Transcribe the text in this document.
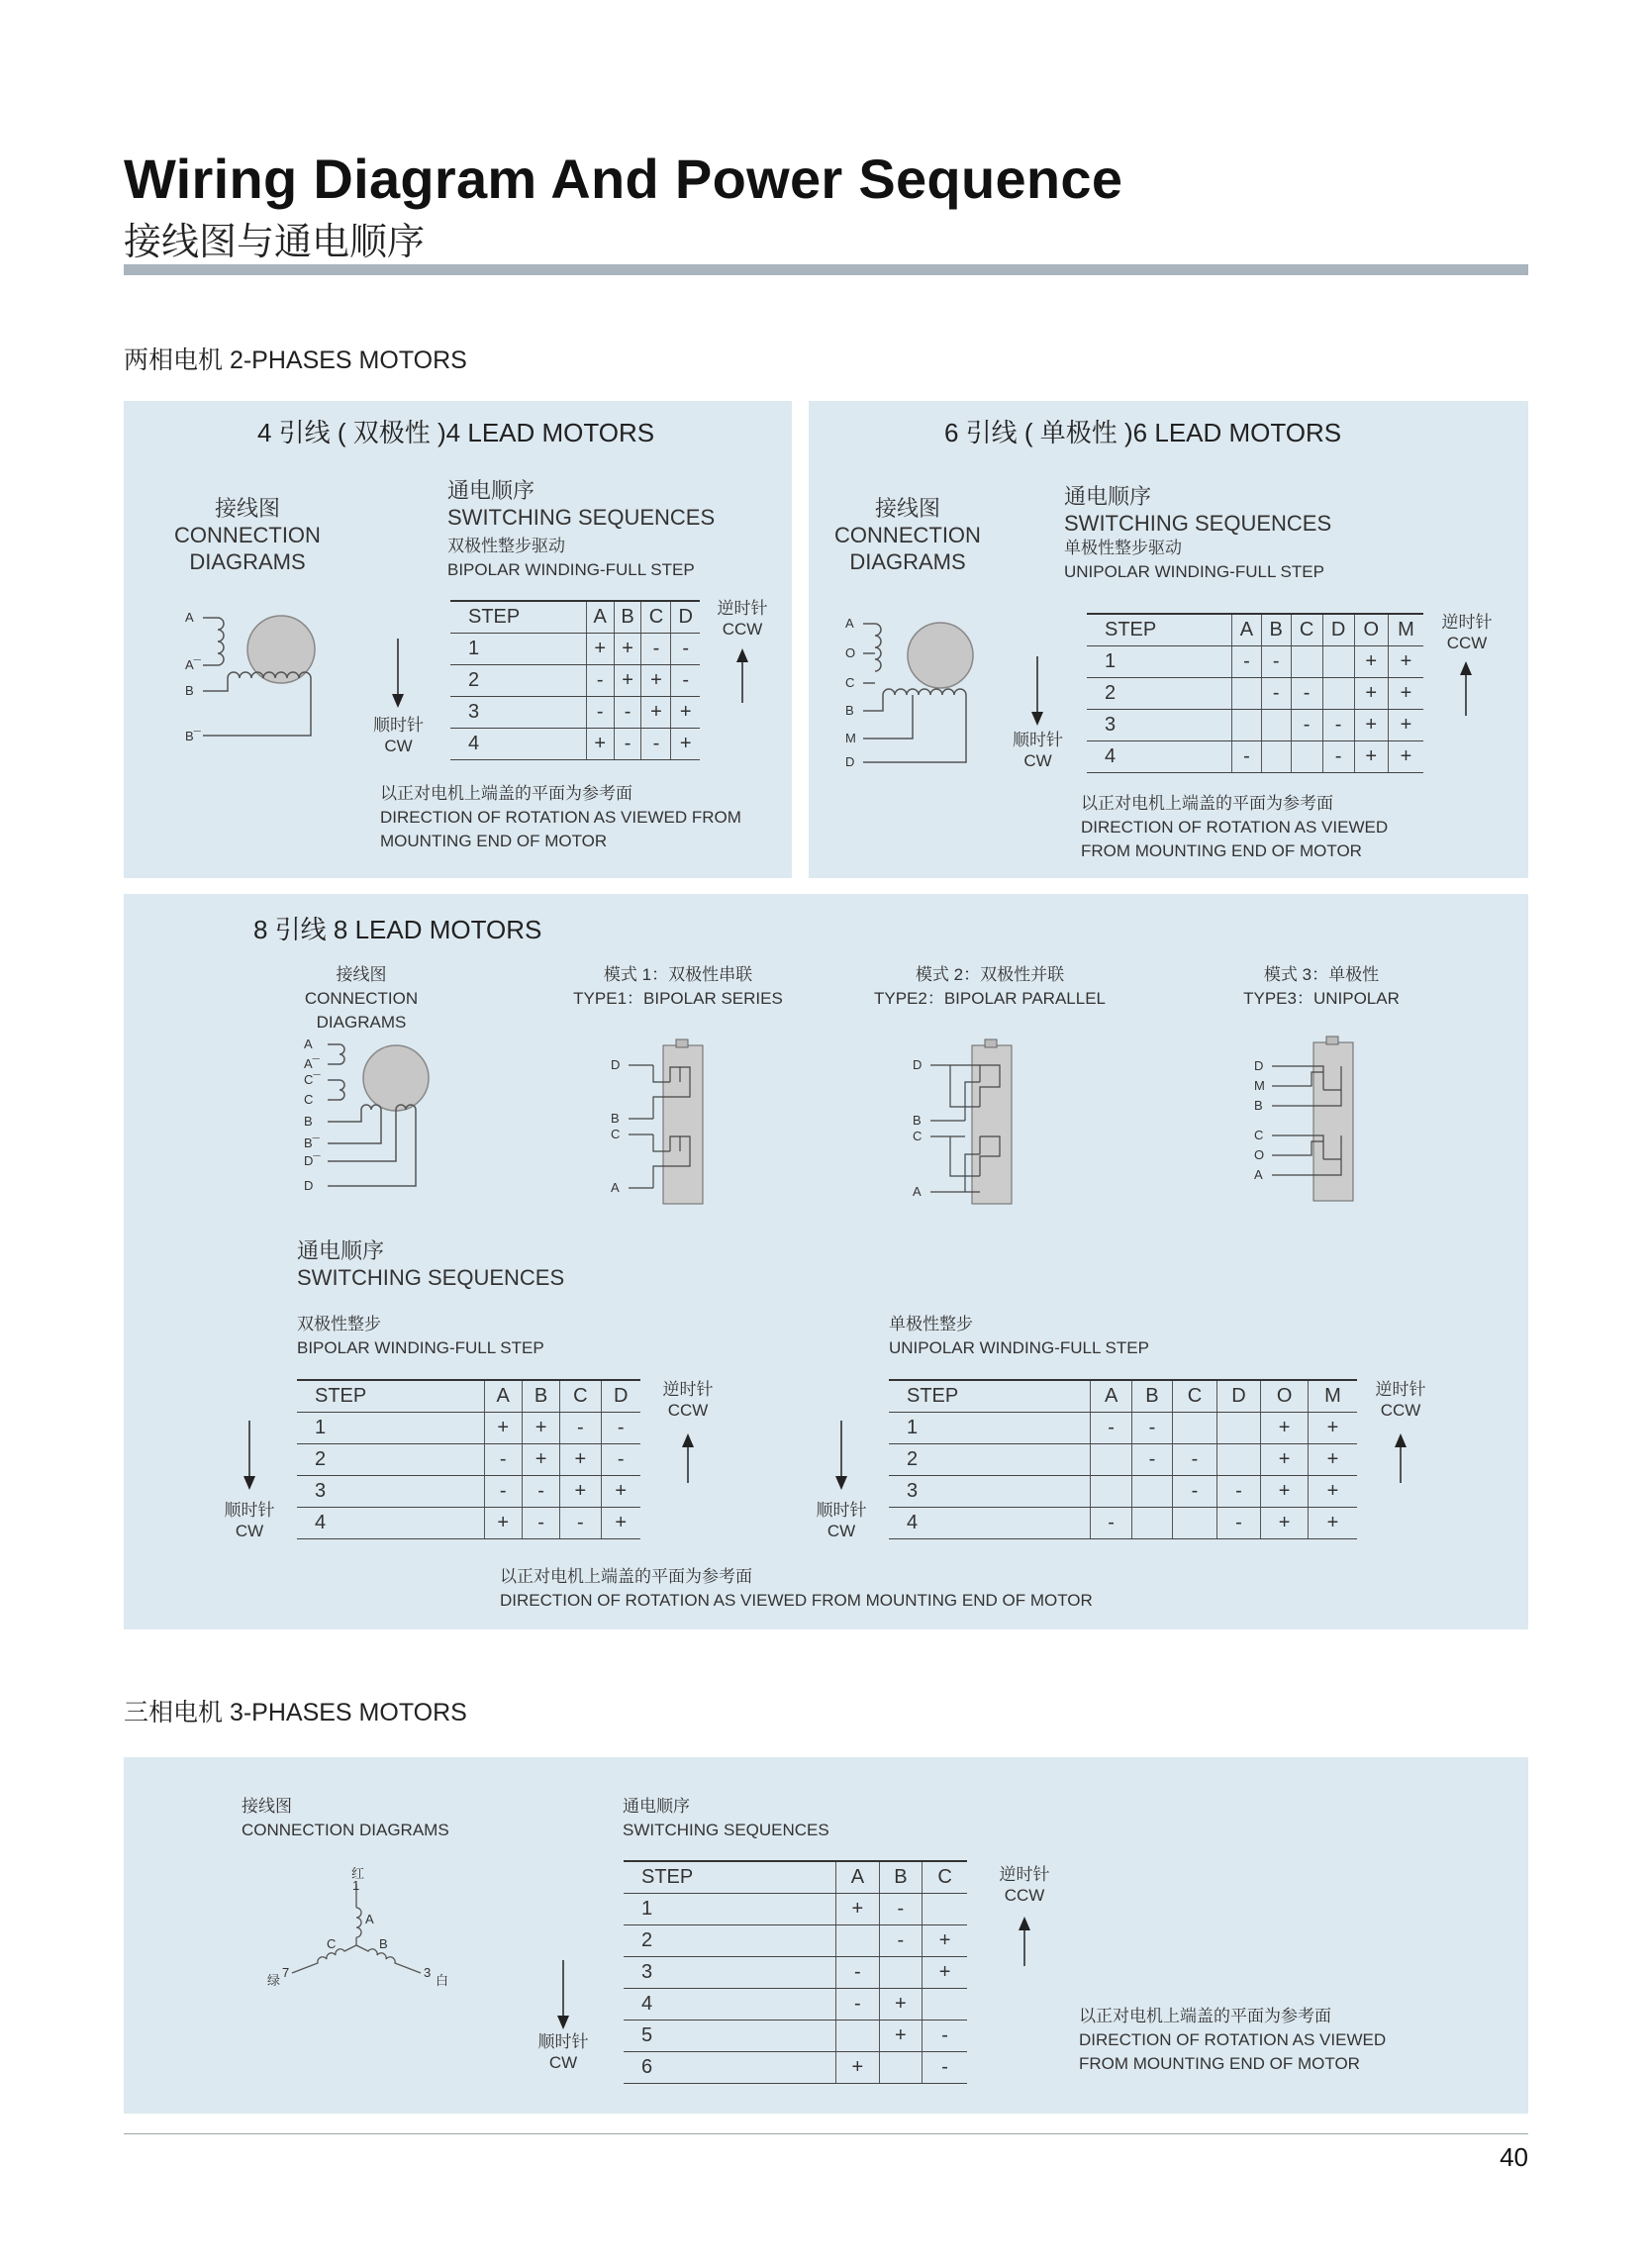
Wiring Diagram And Power Sequence
接线图与通电顺序
两相电机 2-PHASES MOTORS
4 引线 ( 双极性 )4 LEAD MOTORS
接线图
CONNECTION
DIAGRAMS
通电顺序
SWITCHING SEQUENCES
双极性整步驱动
BIPOLAR WINDING-FULL STEP
A
A¯
B
B¯
STEP	A	B	C	D
1	+	+	-	-
2	-	+	+	-
3	-	-	+	+
4	+	-	-	+
顺时针
CW
逆时针
CCW
以正对电机上端盖的平面为参考面
DIRECTION OF ROTATION AS VIEWED FROM
MOUNTING END OF MOTOR
6 引线 ( 单极性 )6 LEAD MOTORS
接线图
CONNECTION
DIAGRAMS
通电顺序
SWITCHING SEQUENCES
单极性整步驱动
UNIPOLAR WINDING-FULL STEP
A
O
C
B
M
D
STEP	A	B	C	D	O	M
1	-	-			+	+
2		-	-		+	+
3			-	-	+	+
4	-			-	+	+
顺时针
CW
逆时针
CCW
以正对电机上端盖的平面为参考面
DIRECTION OF ROTATION AS VIEWED
FROM MOUNTING END OF MOTOR
8 引线 8 LEAD MOTORS
接线图
CONNECTION DIAGRAMS
模式 1：双极性串联
TYPE1：BIPOLAR SERIES
模式 2：双极性并联
TYPE2：BIPOLAR PARALLEL
模式 3：单极性
TYPE3：UNIPOLAR
A
A¯
C¯
C
B
B¯
D¯
D
D
B
C
A
D
B
C
A
D
M
B
C
O
A
通电顺序
SWITCHING SEQUENCES
双极性整步
BIPOLAR WINDING-FULL STEP
单极性整步
UNIPOLAR WINDING-FULL STEP
STEP	A	B	C	D
1	+	+	-	-
2	-	+	+	-
3	-	-	+	+
4	+	-	-	+
STEP	A	B	C	D	O	M
1	-	-			+	+
2		-	-		+	+
3			-	-	+	+
4	-			-	+	+
顺时针
CW
逆时针
CCW
顺时针
CW
逆时针
CCW
以正对电机上端盖的平面为参考面
DIRECTION OF ROTATION AS VIEWED FROM MOUNTING END OF MOTOR
三相电机 3-PHASES MOTORS
接线图
CONNECTION DIAGRAMS
通电顺序
SWITCHING SEQUENCES
红
1
A
C	B
7
绿
3
白
STEP	A	B	C
1	+	-	
2		-	+
3	-		+
4	-	+	
5		+	-
6	+		-
顺时针
CW
逆时针
CCW
以正对电机上端盖的平面为参考面
DIRECTION OF ROTATION AS VIEWED
FROM MOUNTING END OF MOTOR
40
